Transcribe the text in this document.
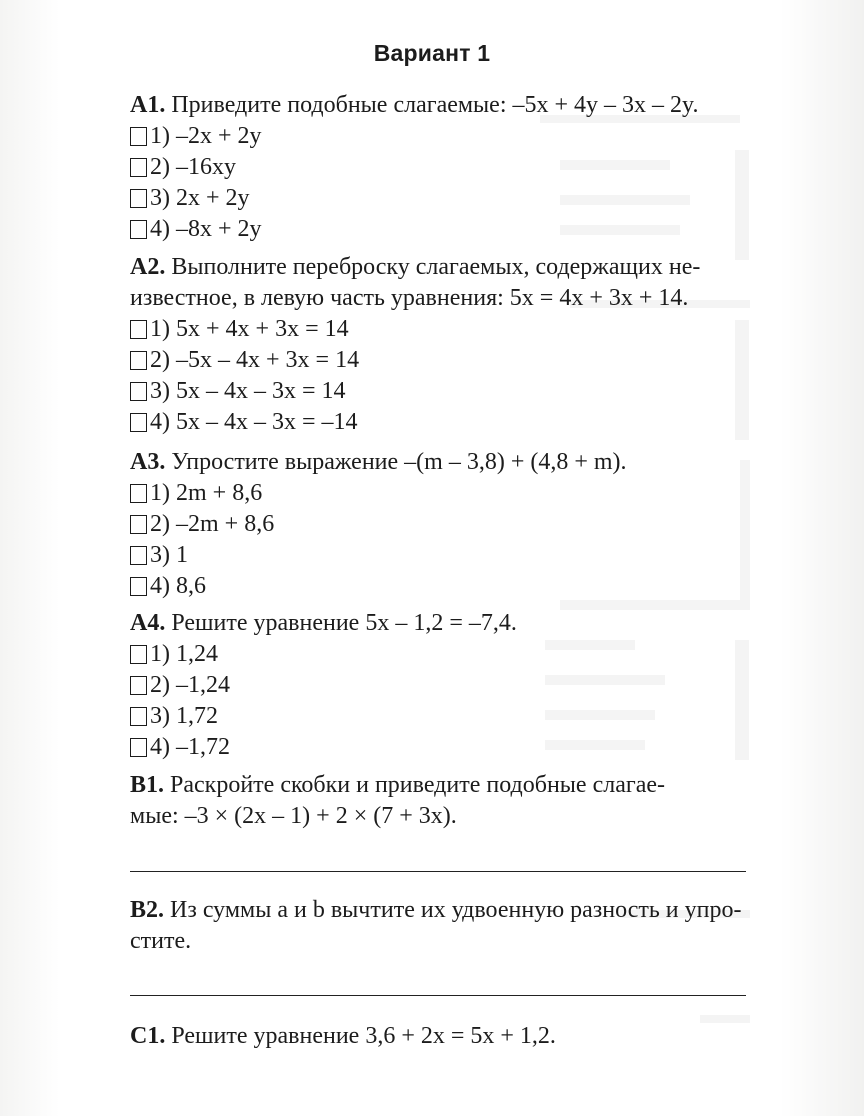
Вариант 1

A1. Приведите подобные слагаемые: –5x + 4y – 3x – 2y.

1) –2x + 2y
2) –16xy
3) 2x + 2y
4) –8x + 2y

A2. Выполните переброску слагаемых, содержащих не-
известное, в левую часть уравнения: 5x = 4x + 3x + 14.

1) 5x + 4x + 3x = 14
2) –5x – 4x + 3x = 14
3) 5x – 4x – 3x = 14
4) 5x – 4x – 3x = –14

A3. Упростите выражение –(m – 3,8) + (4,8 + m).

1) 2m + 8,6
2) –2m + 8,6
3) 1
4) 8,6

A4. Решите уравнение 5x – 1,2 = –7,4.

1) 1,24
2) –1,24
3) 1,72
4) –1,72

B1. Раскройте скобки и приведите подобные слагае-
мые: –3 × (2x – 1) + 2 × (7 + 3x).

B2. Из суммы a и b вычтите их удвоенную разность и упро-
стите.

C1. Решите уравнение 3,6 + 2x = 5x + 1,2.
